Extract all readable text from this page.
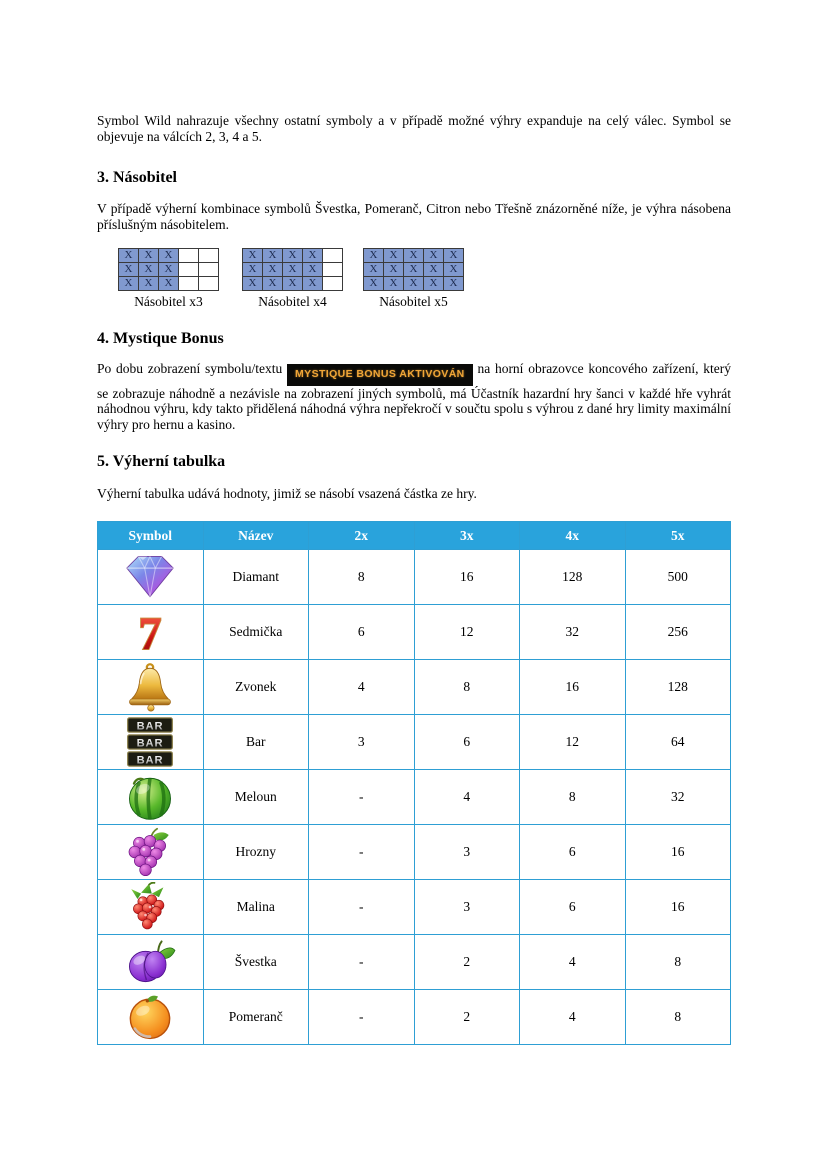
Symbol Wild nahrazuje všechny ostatní symboly a v případě možné výhry expanduje na celý válec. Symbol se objevuje na válcích 2, 3, 4 a 5.

3. Násobitel

V případě výherní kombinace symbolů Švestka, Pomeranč, Citron nebo Třešně znázorněné níže, je výhra násobena příslušným násobitelem.

X	X	X		
X	X	X		
X	X	X		
Násobitel x3
X	X	X	X	
X	X	X	X	
X	X	X	X	
Násobitel x4
X	X	X	X	X
X	X	X	X	X
X	X	X	X	X
Násobitel x5
4. Mystique Bonus

Po dobu zobrazení symbolu/textu MYSTIQUE BONUS AKTIVOVÁN na horní obrazovce koncového zařízení, který se zobrazuje náhodně a nezávisle na zobrazení jiných symbolů, má Účastník hazardní hry šanci v každé hře vyhrát náhodnou výhru, kdy takto přidělená náhodná výhra nepřekročí v součtu spolu s výhrou z dané hry limity maximální výhry pro hernu a kasino.

5. Výherní tabulka

Výherní tabulka udává hodnoty, jimiž se násobí vsazená částka ze hry.

Symbol	Název	2x	3x	4x	5x
	Diamant	8	16	128	500
	Sedmička	6	12	32	256
	Zvonek	4	8	16	128
	Bar	3	6	12	64
	Meloun	-	4	8	32
	Hrozny	-	3	6	16
	Malina	-	3	6	16
	Švestka	-	2	4	8
	Pomeranč	-	2	4	8
